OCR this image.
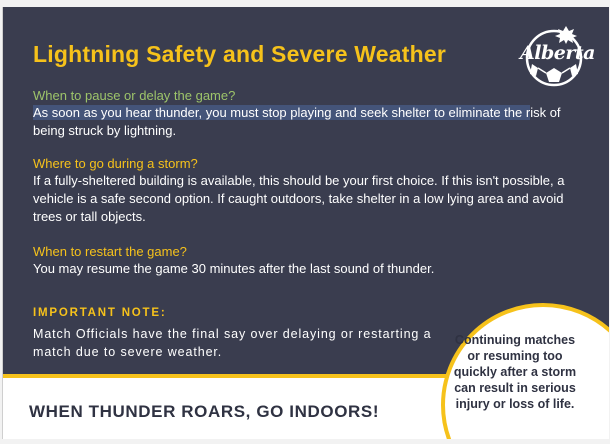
Lightning Safety and Severe Weather	Alberta

When to pause or delay the game?

As soon as you hear thunder, you must stop playing and seek shelter to eliminate the risk of being struck by lightning.

Where to go during a storm?

If a fully-sheltered building is available, this should be your first choice. If this isn't possible, a vehicle is a safe second option. If caught outdoors, take shelter in a low lying area and avoid trees or tall objects.

When to restart the game?

You may resume the game 30 minutes after the last sound of thunder.

IMPORTANT NOTE:

Match Officials have the final say over delaying or restarting a match due to severe weather.

WHEN THUNDER ROARS, GO INDOORS!

Continuing matches or resuming too quickly after a storm can result in serious injury or loss of life.
